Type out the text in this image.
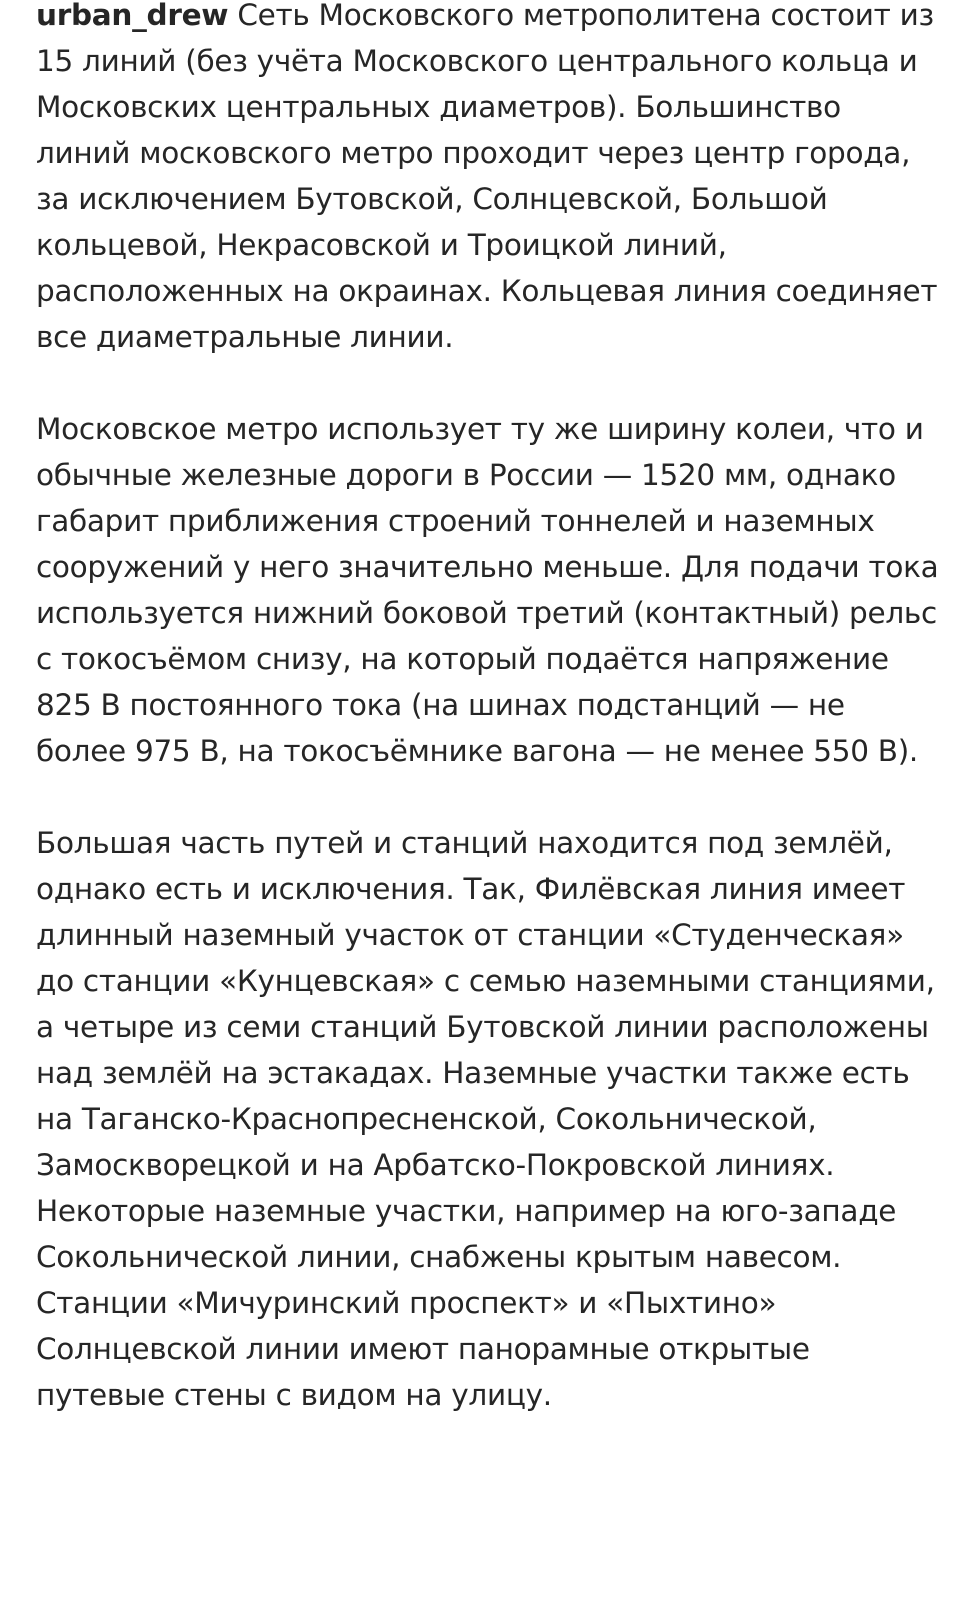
urban_drew Сеть Московского метрополитена состоит из 15 линий (без учёта Московского центрального кольца и Московских центральных диаметров). Большинство линий московского метро проходит через центр города, за исключением Бутовской, Солнцевской, Большой кольцевой, Некрасовской и Троицкой линий, расположенных на окраинах. Кольцевая линия соединяет все диаметральные линии.

Московское метро использует ту же ширину колеи, что и обычные железные дороги в России — 1520 мм, однако габарит приближения строений тоннелей и наземных сооружений у него значительно меньше. Для подачи тока используется нижний боковой третий (контактный) рельс с токосъёмом снизу, на который подаётся напряжение 825 В постоянного тока (на шинах подстанций — не более 975 В, на токосъёмнике вагона — не менее 550 В).

Большая часть путей и станций находится под землёй, однако есть и исключения. Так, Филёвская линия имеет длинный наземный участок от станции «Студенческая» до станции «Кунцевская» с семью наземными станциями, а четыре из семи станций Бутовской линии расположены над землёй на эстакадах. Наземные участки также есть на Таганско-Краснопресненской, Сокольнической, Замоскворецкой и на Арбатско-Покровской линиях. Некоторые наземные участки, например на юго-западе Сокольнической линии, снабжены крытым навесом. Станции «Мичуринский проспект» и «Пыхтино» Солнцевской линии имеют панорамные открытые путевые стены с видом на улицу.
